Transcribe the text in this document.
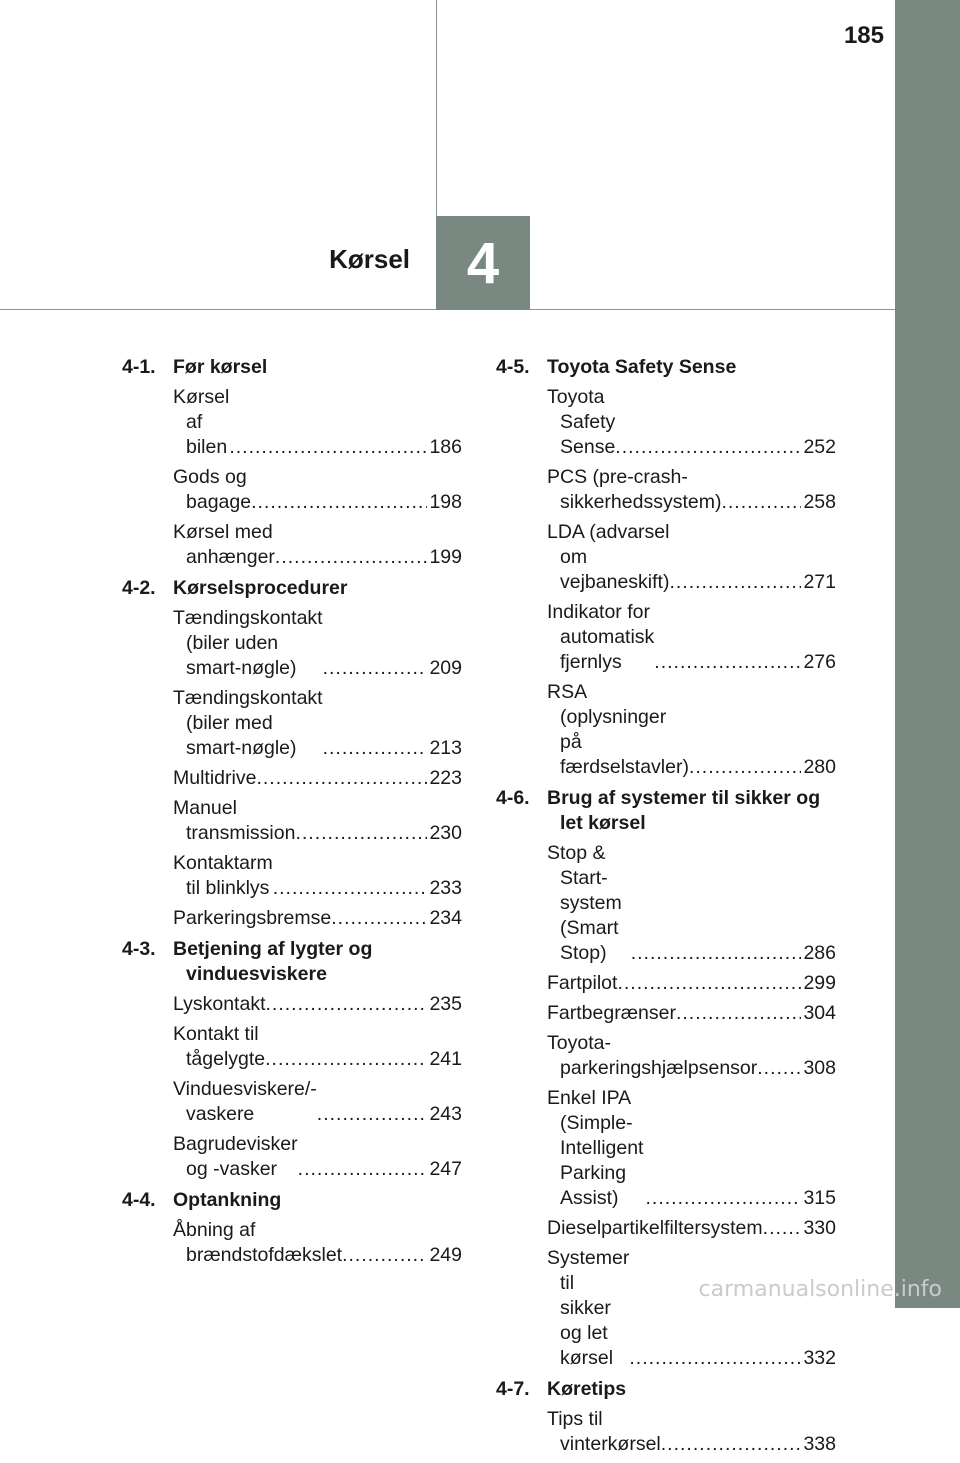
185
4
Kørsel
4-1. Før kørsel
Kørsel af bilen .....	186
Gods og bagage .....	198
Kørsel med anhænger .....	199
4-2. Kørselsprocedurer
Tændingskontakt (biler uden smart-nøgle) .....	209
Tændingskontakt (biler med smart-nøgle) .....	213
Multidrive .....	223
Manuel transmission .....	230
Kontaktarm til blinklys .....	233
Parkeringsbremse .....	234
4-3. Betjening af lygter og vinduesviskere
Lyskontakt .....	235
Kontakt til tågelygte .....	241
Vinduesviskere/-vaskere .....	243
Bagrudevisker og -vasker .....	247
4-4. Optankning
Åbning af brændstofdækslet .....	249
4-5. Toyota Safety Sense
Toyota Safety Sense .....	252
PCS (pre-crash-sikkerhedssystem) .....	258
LDA (advarsel om vejbaneskift) .....	271
Indikator for automatisk fjernlys .....	276
RSA (oplysninger på færdselstavler) .....	280
4-6. Brug af systemer til sikker og let kørsel
Stop & Start-system (Smart Stop) .....	286
Fartpilot .....	299
Fartbegrænser .....	304
Toyota-parkeringshjælpsensor ..... 308
Enkel IPA (Simple-Intelligent Parking Assist) .....	315
Dieselpartikelfiltersystem ..... 330
Systemer til sikker og let kørsel .....	332
4-7. Køretips
Tips til vinterkørsel .....	338
carmanualsonline.info
